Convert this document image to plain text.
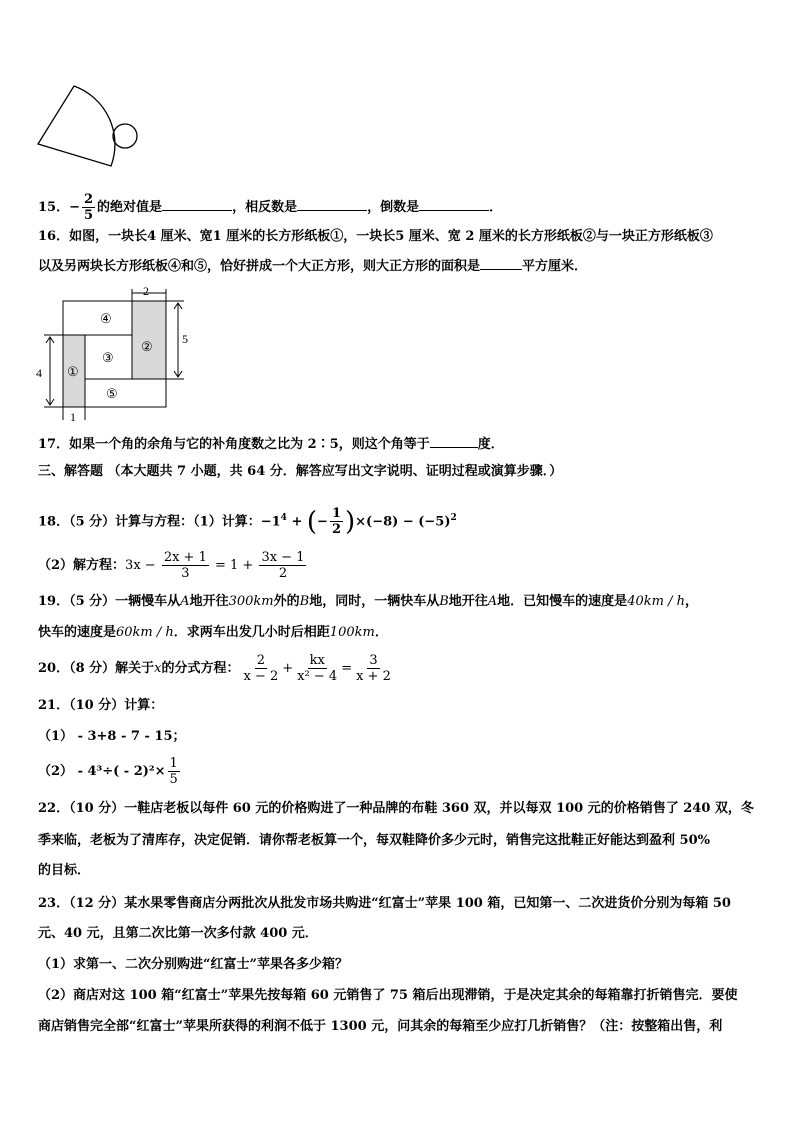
15．− $\frac{2}{5}$ 的绝对值是	，相反数是	，倒数是	．
16．如图，一块长4 厘米、宽1 厘米的长方形纸板①，一块长5 厘米、宽 2 厘米的长方形纸板②与一块正方形纸板③
以及另两块长方形纸板④和⑤，恰好拼成一个大正方形，则大正方形的面积是	平方厘米．
①
②
③
④
⑤
2
5
4
1
17．如果一个角的余角与它的补角度数之比为 2∶5，则这个角等于	度．
三、解答题 （本大题共 7 小题，共 64 分．解答应写出文字说明、证明过程或演算步骤．）
18．（5 分）计算与方程：（1）计算：$-1^4$ + (− $\frac{1}{2} )\times(-8) - (-5)^2$
（2）解方程：$3x - \frac{2x + 1}{3} = 1 + \frac{3x - 1}{2}$
19．（5 分）一辆慢车从A地开往300km外的B地，同时，一辆快车从B地开往A地．已知慢车的速度是40km / h，
快车的速度是60km / h．求两车出发几小时后相距100km．
20．（8 分）解关于x的分式方程： $\frac{2}{x - 2} + \frac{kx}{\text{x² − 4}} = \frac{3}{x + 2}$
21．（10 分）计算：
（1） - 3+8 - 7 - 15；
$(2) - 4^3\div( - 2)^2\times \frac{1}{5}$
22．（10 分）一鞋店老板以每件 60 元的价格购进了一种品牌的布鞋 360 双，并以每双 100 元的价格销售了 240 双，冬
季来临，老板为了清库存，决定促销．请你帮老板算一个，每双鞋降价多少元时，销售完这批鞋正好能达到盈利 50%
的目标．
23．（12 分）某水果零售商店分两批次从批发市场共购进“红富士”苹果 100 箱，已知第一、二次进货价分别为每箱 50
元、40 元，且第二次比第一次多付款 400 元．
（1）求第一、二次分别购进“红富士”苹果各多少箱？
（2）商店对这 100 箱“红富士”苹果先按每箱 60 元销售了 75 箱后出现滞销，于是决定其余的每箱靠打折销售完．要使
商店销售完全部“红富士”苹果所获得的利润不低于 1300 元，问其余的每箱至少应打几折销售？（注：按整箱出售，利
